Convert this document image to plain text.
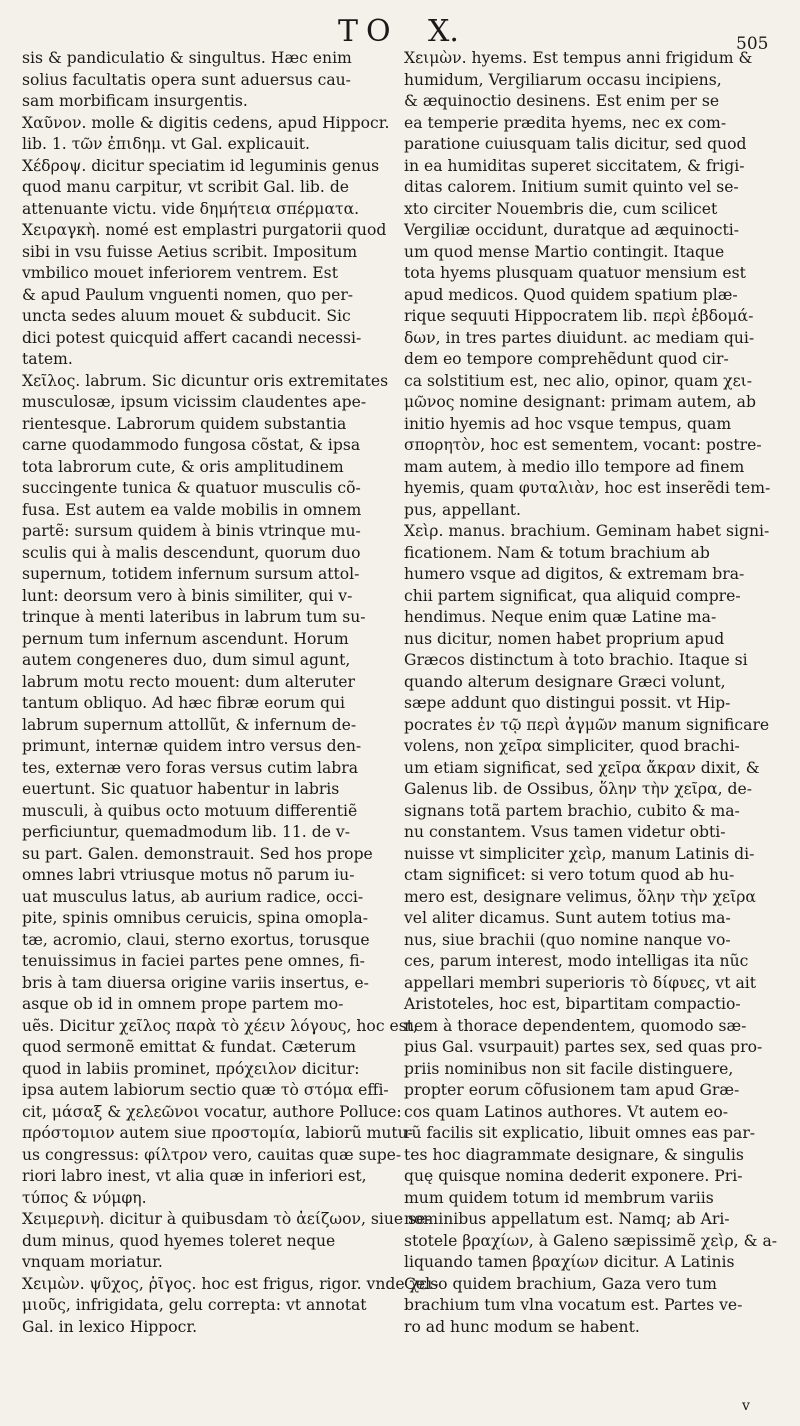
TO X.	505
sis & pandiculatio & singultus. Hæc enim
solius facultatis opera sunt aduersus cau-
sam morbificam insurgentis.
Χαῦνον. molle & digitis cedens, apud Hippocr.
lib. 1. τῶν ἐπιδημ. vt Gal. explicauit.
Χέδροψ. dicitur speciatim id leguminis genus
quod manu carpitur, vt scribit Gal. lib. de
attenuante victu. vide δημήτεια σπέρματα.
Χειραγκὴ. nomé est emplastri purgatorii quod
sibi in vsu fuisse Aetius scribit. Impositum
vmbilico mouet inferiorem ventrem. Est
& apud Paulum vnguenti nomen, quo per-
uncta sedes aluum mouet & subducit. Sic
dici potest quicquid affert cacandi necessi-
tatem.
Χεῖλος. labrum. Sic dicuntur oris extremitates
musculosæ, ipsum vicissim claudentes ape-
rientesque. Labrorum quidem substantia
carne quodammodo fungosa cõstat, & ipsa
tota labrorum cute, & oris amplitudinem
succingente tunica & quatuor musculis cõ-
fusa. Est autem ea valde mobilis in omnem
partẽ: sursum quidem à binis vtrinque mu-
sculis qui à malis descendunt, quorum duo
supernum, totidem infernum sursum attol-
lunt: deorsum vero à binis similiter, qui v-
trinque à menti lateribus in labrum tum su-
pernum tum infernum ascendunt. Horum
autem congeneres duo, dum simul agunt,
labrum motu recto mouent: dum alteruter
tantum obliquo. Ad hæc fibræ eorum qui
labrum supernum attollũt, & infernum de-
primunt, internæ quidem intro versus den-
tes, externæ vero foras versus cutim labra
euertunt. Sic quatuor habentur in labris
musculi, à quibus octo motuum differentiẽ
perficiuntur, quemadmodum lib. 11. de v-
su part. Galen. demonstrauit. Sed hos prope
omnes labri vtriusque motus nõ parum iu-
uat musculus latus, ab aurium radice, occi-
pite, spinis omnibus ceruicis, spina omopla-
tæ, acromio, claui, sterno exortus, torusque
tenuissimus in faciei partes pene omnes, fi-
bris à tam diuersa origine variis insertus, e-
asque ob id in omnem prope partem mo-
uẽs. Dicitur χεῖλος παρὰ τὸ χέειν λόγους, hoc est,
quod sermonẽ emittat & fundat. Cæterum
quod in labiis prominet, πρόχειλον dicitur:
ipsa autem labiorum sectio quæ τὸ στόμα effi-
cit, μάσαξ & χελεῶνοι vocatur, authore Polluce:
πρόστομιον autem siue προστομία, labiorũ mutu-
us congressus: φίλτρον vero, cauitas quæ supe-
riori labro inest, vt alia quæ in inferiori est,
τύπος & νύμφη.
Χειμερινὴ. dicitur à quibusdam τὸ ἀείζωον, siue se-
dum minus, quod hyemes toleret neque
vnquam moriatur.
Χειμὼν. ψῦχος, ῥῖγος. hoc est frigus, rigor. vnde χει-
μιοῦς, infrigidata, gelu correpta: vt annotat
Gal. in lexico Hippocr.
Χειμὼν. hyems. Est tempus anni frigidum &
humidum, Vergiliarum occasu incipiens,
& æquinoctio desinens. Est enim per se
ea temperie prædita hyems, nec ex com-
paratione cuiusquam talis dicitur, sed quod
in ea humiditas superet siccitatem, & frigi-
ditas calorem. Initium sumit quinto vel se-
xto circiter Nouembris die, cum scilicet
Vergiliæ occidunt, duratque ad æquinocti-
um quod mense Martio contingit. Itaque
tota hyems plusquam quatuor mensium est
apud medicos. Quod quidem spatium plæ-
rique sequuti Hippocratem lib. περὶ ἑβδομά-
δων, in tres partes diuidunt. ac mediam qui-
dem eo tempore comprehẽdunt quod cir-
ca solstitium est, nec alio, opinor, quam χει-
μῶνος nomine designant: primam autem, ab
initio hyemis ad hoc vsque tempus, quam
σπορητὸν, hoc est sementem, vocant: postre-
mam autem, à medio illo tempore ad finem
hyemis, quam φυταλιὰν, hoc est inserẽdi tem-
pus, appellant.
Χεὶρ. manus. brachium. Geminam habet signi-
ficationem. Nam & totum brachium ab
humero vsque ad digitos, & extremam bra-
chii partem significat, qua aliquid compre-
hendimus. Neque enim quæ Latine ma-
nus dicitur, nomen habet proprium apud
Græcos distinctum à toto brachio. Itaque si
quando alterum designare Græci volunt,
sæpe addunt quo distingui possit. vt Hip-
pocrates ἐν τῷ περὶ ἀγμῶν manum significare
volens, non χεῖρα simpliciter, quod brachi-
um etiam significat, sed χεῖρα ἄκραν dixit, &
Galenus lib. de Ossibus, ὅλην τὴν χεῖρα, de-
signans totã partem brachio, cubito & ma-
nu constantem. Vsus tamen videtur obti-
nuisse vt simpliciter χεὶρ, manum Latinis di-
ctam significet: si vero totum quod ab hu-
mero est, designare velimus, ὅλην τὴν χεῖρα
vel aliter dicamus. Sunt autem totius ma-
nus, siue brachii (quo nomine nanque vo-
ces, parum interest, modo intelligas ita nũc
appellari membri superioris τὸ δίφυες, vt ait
Aristoteles, hoc est, bipartitam compactio-
nem à thorace dependentem, quomodo sæ-
pius Gal. vsurpauit) partes sex, sed quas pro-
priis nominibus non sit facile distinguere,
propter eorum cõfusionem tam apud Græ-
cos quam Latinos authores. Vt autem eo-
rũ facilis sit explicatio, libuit omnes eas par-
tes hoc diagrammate designare, & singulis
quę quisque nomina dederit exponere. Pri-
mum quidem totum id membrum variis
nominibus appellatum est. Namq; ab Ari-
stotele βραχίων, à Galeno sæpissimẽ χεὶρ, & a-
liquando tamen βραχίων dicitur. A Latinis
Celso quidem brachium, Gaza vero tum
brachium tum vlna vocatum est. Partes ve-
ro ad hunc modum se habent.
v
